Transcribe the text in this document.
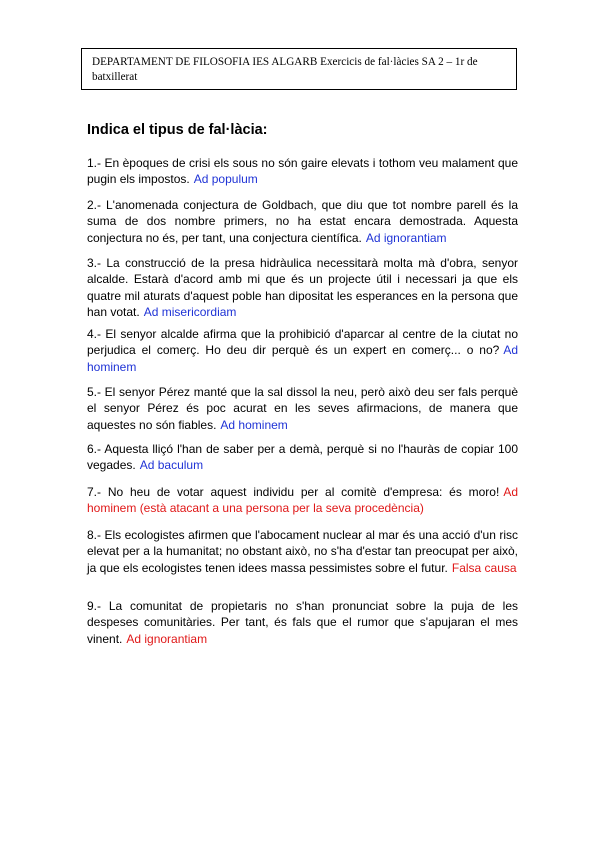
DEPARTAMENT DE FILOSOFIA IES ALGARB Exercicis de fal·làcies SA 2 – 1r de batxillerat
Indica el tipus de fal·làcia:
1.- En èpoques de crisi els sous no són gaire elevats i tothom veu malament que pugin els impostos. Ad populum
2.- L'anomenada conjectura de Goldbach, que diu que tot nombre parell és la suma de dos nombre primers, no ha estat encara demostrada. Aquesta conjectura no és, per tant, una conjectura científica. Ad ignorantiam
3.- La construcció de la presa hidràulica necessitarà molta mà d'obra, senyor alcalde. Estarà d'acord amb mi que és un projecte útil i necessari ja que els quatre mil aturats d'aquest poble han dipositat les esperances en la persona que han votat. Ad misericordiam
4.- El senyor alcalde afirma que la prohibició d'aparcar al centre de la ciutat no perjudica el comerç. Ho deu dir perquè és un expert en comerç... o no? Ad hominem
5.- El senyor Pérez manté que la sal dissol la neu, però això deu ser fals perquè el senyor Pérez és poc acurat en les seves afirmacions, de manera que aquestes no són fiables. Ad hominem
6.- Aquesta lliçó l'han de saber per a demà, perquè si no l'hauràs de copiar 100 vegades. Ad baculum
7.- No heu de votar aquest individu per al comitè d'empresa: és moro! Ad hominem (està atacant a una persona per la seva procedència)
8.- Els ecologistes afirmen que l'abocament nuclear al mar és una acció d'un risc elevat per a la humanitat; no obstant això, no s'ha d'estar tan preocupat per això, ja que els ecologistes tenen idees massa pessimistes sobre el futur. Falsa causa
9.- La comunitat de propietaris no s'han pronunciat sobre la puja de les despeses comunitàries. Per tant, és fals que el rumor que s'apujaran el mes vinent. Ad ignorantiam
